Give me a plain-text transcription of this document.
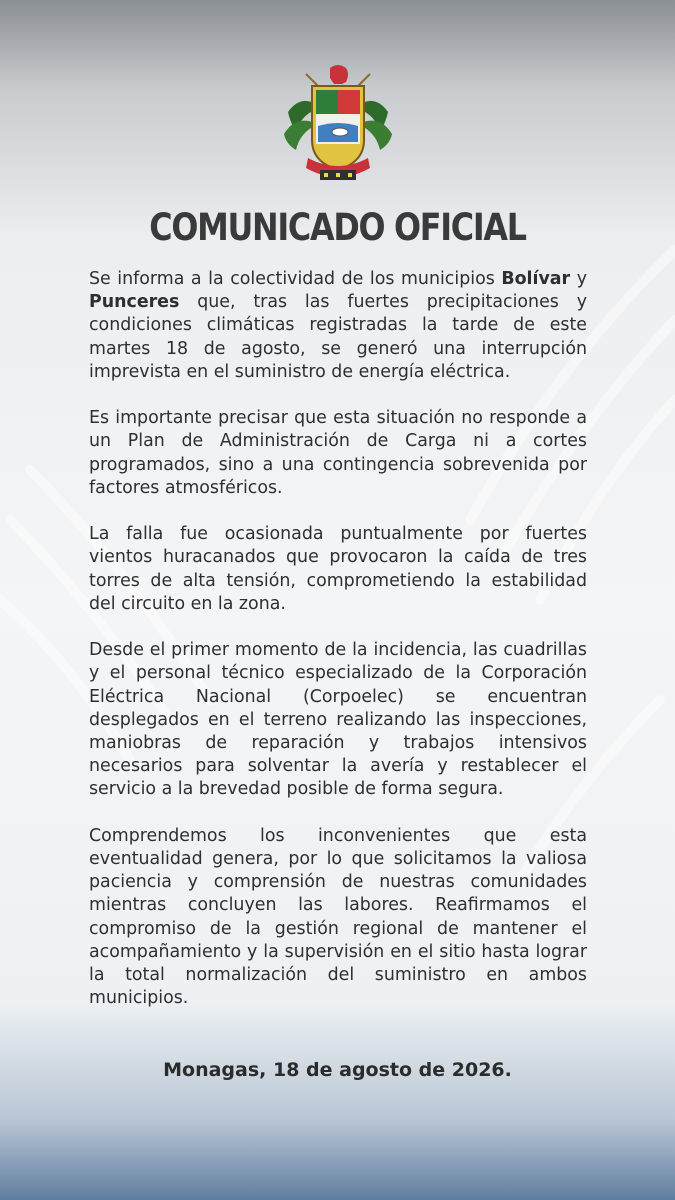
COMUNICADO OFICIAL

Se informa a la colectividad de los municipios Bolívar y Punceres que, tras las fuertes precipitaciones y condiciones climáticas registradas la tarde de este martes 18 de agosto, se generó una interrupción imprevista en el suministro de energía eléctrica.

Es importante precisar que esta situación no responde a un Plan de Administración de Carga ni a cortes programados, sino a una contingencia sobrevenida por factores atmosféricos.

La falla fue ocasionada puntualmente por fuertes vientos huracanados que provocaron la caída de tres torres de alta tensión, comprometiendo la estabilidad del circuito en la zona.

Desde el primer momento de la incidencia, las cuadrillas y el personal técnico especializado de la Corporación Eléctrica Nacional (Corpoelec) se encuentran desplegados en el terreno realizando las inspecciones, maniobras de reparación y trabajos intensivos necesarios para solventar la avería y restablecer el servicio a la brevedad posible de forma segura.

Comprendemos los inconvenientes que esta eventualidad genera, por lo que solicitamos la valiosa paciencia y comprensión de nuestras comunidades mientras concluyen las labores. Reafirmamos el compromiso de la gestión regional de mantener el acompañamiento y la supervisión en el sitio hasta lograr la total normalización del suministro en ambos municipios.

Monagas, 18 de agosto de 2026.
